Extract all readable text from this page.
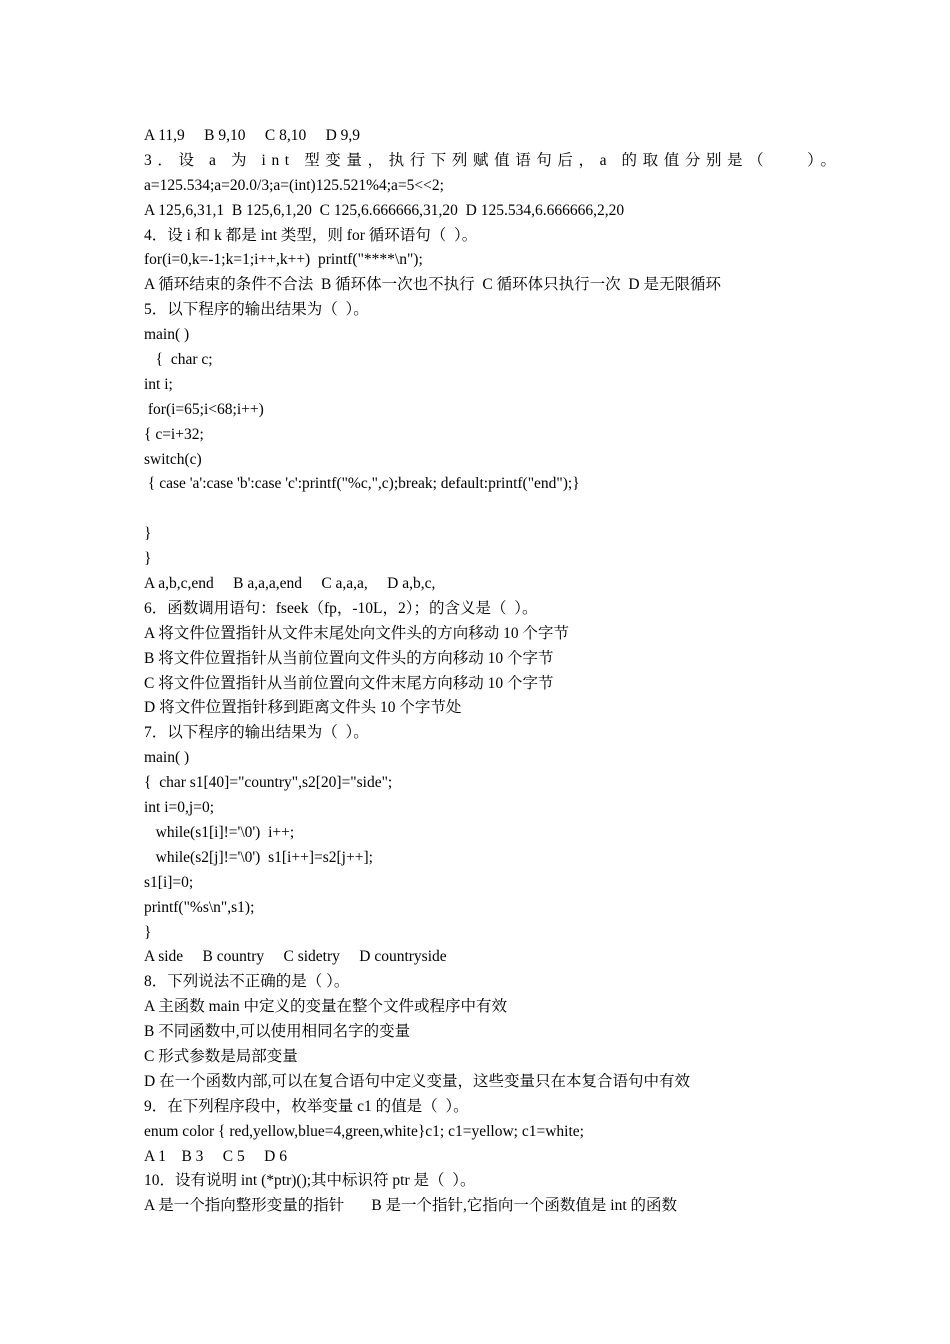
A 11,9     B 9,10     C 8,10     D 9,9
3．设 a 为 int 型变量，执行下列赋值语句后，a 的取值分别是（    ）。
a=125.534;a=20.0/3;a=(int)125.521%4;a=5<<2;
A 125,6,31,1  B 125,6,1,20  C 125,6.666666,31,20  D 125.534,6.666666,2,20
4．设 i 和 k 都是 int 类型，则 for 循环语句（  ）。
for(i=0,k=-1;k=1;i++,k++)  printf("****\n");
A 循环结束的条件不合法  B 循环体一次也不执行  C 循环体只执行一次  D 是无限循环
5．以下程序的输出结果为（  ）。
main( )
{  char c;
int i;
for(i=65;i<68;i++)
{ c=i+32;
switch(c)
{ case 'a':case 'b':case 'c':printf("%c,",c);break; default:printf("end");}
}
}
A a,b,c,end     B a,a,a,end     C a,a,a,     D a,b,c,
6．函数调用语句：fseek（fp，-10L，2）；的含义是（  ）。
A 将文件位置指针从文件末尾处向文件头的方向移动 10 个字节
B 将文件位置指针从当前位置向文件头的方向移动 10 个字节
C 将文件位置指针从当前位置向文件末尾方向移动 10 个字节
D 将文件位置指针移到距离文件头 10 个字节处
7．以下程序的输出结果为（  ）。
main( )
{  char s1[40]="country",s2[20]="side";
int i=0,j=0;
while(s1[i]!='\0')  i++;
while(s2[j]!='\0')  s1[i++]=s2[j++];
s1[i]=0;
printf("%s\n",s1);
}
A side     B country     C sidetry     D countryside
8．下列说法不正确的是（ ）。
A 主函数 main 中定义的变量在整个文件或程序中有效
B 不同函数中,可以使用相同名字的变量
C 形式参数是局部变量
D 在一个函数内部,可以在复合语句中定义变量，这些变量只在本复合语句中有效
9．在下列程序段中，枚举变量 c1 的值是（  ）。
enum color { red,yellow,blue=4,green,white}c1; c1=yellow; c1=white;
A 1    B 3     C 5     D 6
10．设有说明 int (*ptr)();其中标识符 ptr 是（  ）。
A 是一个指向整形变量的指针       B 是一个指针,它指向一个函数值是 int 的函数
